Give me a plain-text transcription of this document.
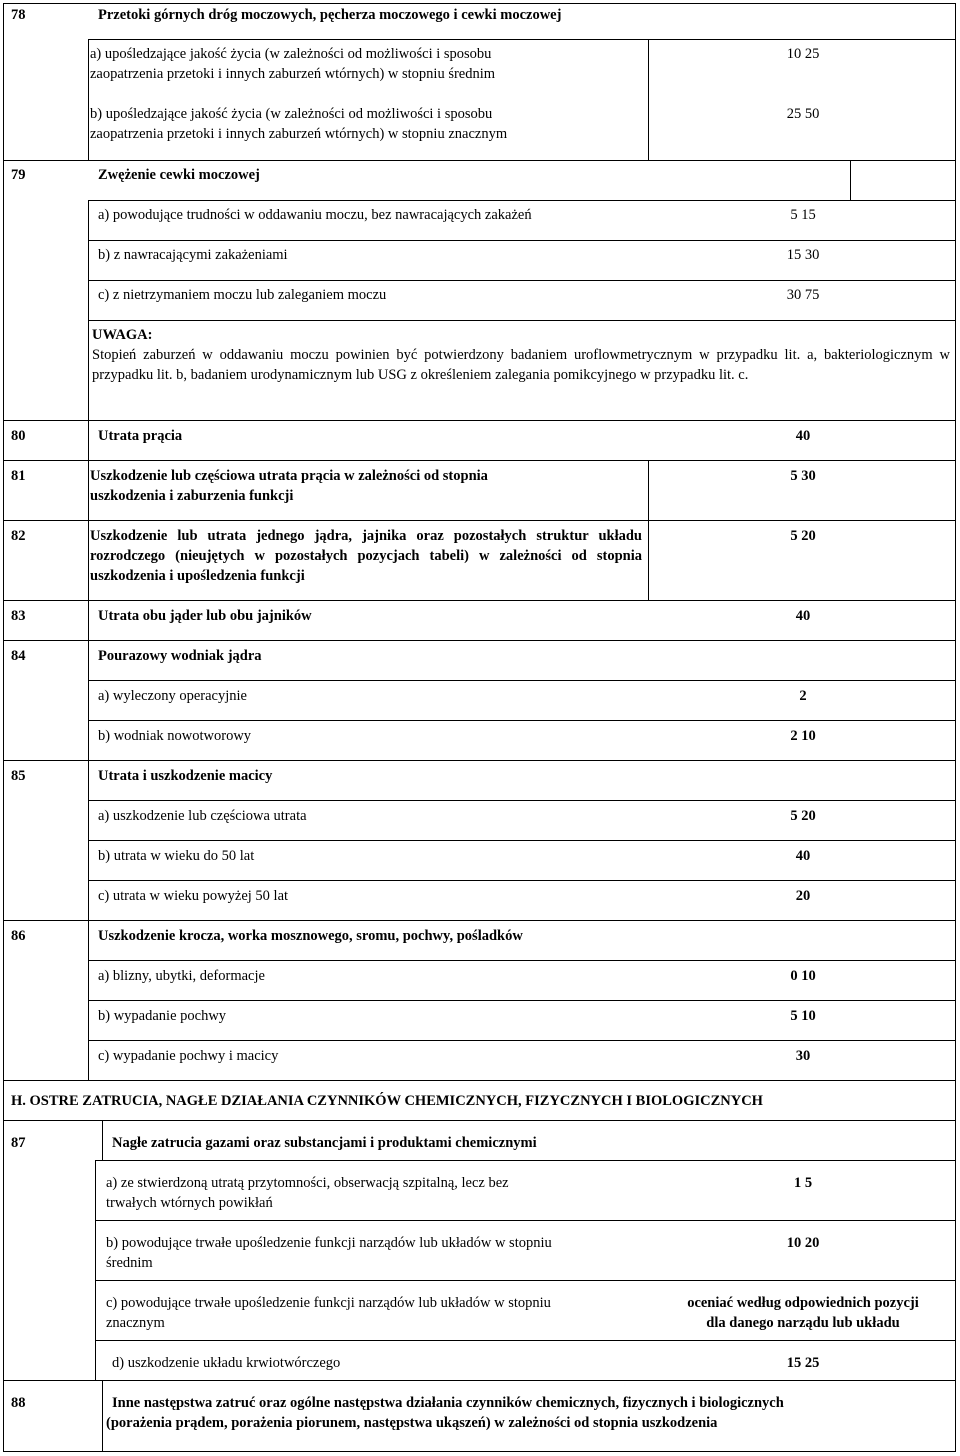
78	Przetoki górnych dróg moczowych, pęcherza moczowego i cewki moczowej
a) upośledzające jakość życia (w zależności od możliwości i sposobu
zaopatrzenia przetoki i innych zaburzeń wtórnych) w stopniu średnim
10 25
b) upośledzające jakość życia (w zależności od możliwości i sposobu
zaopatrzenia przetoki i innych zaburzeń wtórnych) w stopniu znacznym
25 50
79	Zwężenie cewki moczowej
a) powodujące trudności w oddawaniu moczu, bez nawracających zakażeń	5 15
b) z nawracającymi zakażeniami	15 30
c) z nietrzymaniem moczu lub zaleganiem moczu	30 75
UWAGA:
Stopień zaburzeń w oddawaniu moczu powinien być potwierdzony badaniem uroflowmetrycznym w przypadku lit. a, bakteriologicznym w przypadku lit. b, badaniem urodynamicznym lub USG z określeniem zalegania pomikcyjnego w przypadku lit. c.
80	Utrata prącia	40
81	Uszkodzenie lub częściowa utrata prącia w zależności od stopnia
uszkodzenia i zaburzenia funkcji
5 30
82	Uszkodzenie lub utrata jednego jądra, jajnika oraz pozostałych struktur układu rozrodczego (nieujętych w pozostałych pozycjach tabeli) w zależności od stopnia uszkodzenia i upośledzenia funkcji
5 20
83	Utrata obu jąder lub obu jajników	40
84	Pourazowy wodniak jądra
a) wyleczony operacyjnie	2
b) wodniak nowotworowy	2 10
85	Utrata i uszkodzenie macicy
a) uszkodzenie lub częściowa utrata	5 20
b) utrata w wieku do 50 lat	40
c) utrata w wieku powyżej 50 lat	20
86	Uszkodzenie krocza, worka mosznowego, sromu, pochwy, pośladków
a) blizny, ubytki, deformacje	0 10
b) wypadanie pochwy	5 10
c) wypadanie pochwy i macicy	30
H. OSTRE ZATRUCIA, NAGŁE DZIAŁANIA CZYNNIKÓW CHEMICZNYCH, FIZYCZNYCH I BIOLOGICZNYCH
87	Nagłe zatrucia gazami oraz substancjami i produktami chemicznymi
a) ze stwierdzoną utratą przytomności, obserwacją szpitalną, lecz bez
trwałych wtórnych powikłań
1 5
b) powodujące trwałe upośledzenie funkcji narządów lub układów w stopniu
średnim
10 20
c) powodujące trwałe upośledzenie funkcji narządów lub układów w stopniu
znacznym
oceniać według odpowiednich pozycji
dla danego narządu lub układu
d) uszkodzenie układu krwiotwórczego	15 25
88	Inne następstwa zatruć oraz ogólne następstwa działania czynników chemicznych, fizycznych i biologicznych
(porażenia prądem, porażenia piorunem, następstwa ukąszeń) w zależności od stopnia uszkodzenia
